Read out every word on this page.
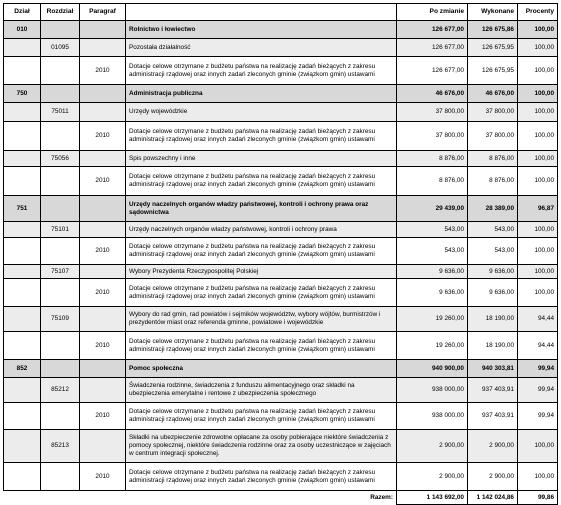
Dział	Rozdział	Paragraf		Po zmianie	Wykonane	Procenty
010			Rolnictwo i łowiectwo	126 677,00	126 675,86	100,00
	01095		Pozostała działalność	126 677,00	126 675,95	100,00
		2010	Dotacje celowe otrzymane z budżetu państwa na realizację zadań bieżących z zakresu administracji rządowej oraz innych zadań zleconych gminie (związkom gmin) ustawami	126 677,00	126 675,95	100,00
750			Administracja publiczna	46 676,00	46 676,00	100,00
	75011		Urzędy wojewódzkie	37 800,00	37 800,00	100,00
		2010	Dotacje celowe otrzymane z budżetu państwa na realizację zadań bieżących z zakresu administracji rządowej oraz innych zadań zleconych gminie (związkom gmin) ustawami	37 800,00	37 800,00	100,00
	75056		Spis powszechny i inne	8 876,00	8 876,00	100,00
		2010	Dotacje celowe otrzymane z budżetu państwa na realizację zadań bieżących z zakresu administracji rządowej oraz innych zadań zleconych gminie (związkom gmin) ustawami	8 876,00	8 876,00	100,00
751			Urzędy naczelnych organów władzy państwowej, kontroli i ochrony prawa oraz sądownictwa	29 439,00	28 389,00	96,87
	75101		Urzędy naczelnych organów władzy państwowej, kontroli i ochrony prawa	543,00	543,00	100,00
		2010	Dotacje celowe otrzymane z budżetu państwa na realizację zadań bieżących z zakresu administracji rządowej oraz innych zadań zleconych gminie (związkom gmin) ustawami	543,00	543,00	100,00
	75107		Wybory Prezydenta Rzeczypospolitej Polskiej	9 636,00	9 636,00	100,00
		2010	Dotacje celowe otrzymane z budżetu państwa na realizację zadań bieżących z zakresu administracji rządowej oraz innych zadań zleconych gminie (związkom gmin) ustawami	9 636,00	9 636,00	100,00
	75109		Wybory do rad gmin, rad powiatów i sejmików województw, wybory wójtów, burmistrzów i prezydentów miast oraz referenda gminne, powiatowe i wojewódzkie	19 260,00	18 190,00	94,44
		2010	Dotacje celowe otrzymane z budżetu państwa na realizację zadań bieżących z zakresu administracji rządowej oraz innych zadań zleconych gminie (związkom gmin) ustawami	19 260,00	18 190,00	94,44
852			Pomoc społeczna	940 900,00	940 303,81	99,94
	85212		Świadczenia rodzinne, świadczenia z funduszu alimentacyjnego oraz składki na ubezpieczenia emerytalne i rentowe z ubezpieczenia społecznego	938 000,00	937 403,91	99,94
		2010	Dotacje celowe otrzymane z budżetu państwa na realizację zadań bieżących z zakresu administracji rządowej oraz innych zadań zleconych gminie (związkom gmin) ustawami	938 000,00	937 403,91	99,94
	85213		Składki na ubezpieczenie zdrowotne opłacane za osoby pobierające niektóre świadczenia z pomocy społecznej, niektóre świadczenia rodzinne oraz za osoby uczestniczące w zajęciach w centrum integracji społecznej.	2 900,00	2 900,00	100,00
		2010	Dotacje celowe otrzymane z budżetu państwa na realizację zadań bieżących z zakresu administracji rządowej oraz innych zadań zleconych gminie (związkom gmin) ustawami	2 900,00	2 900,00	100,00
			Razem:	1 143 692,00	1 142 024,86	99,86
